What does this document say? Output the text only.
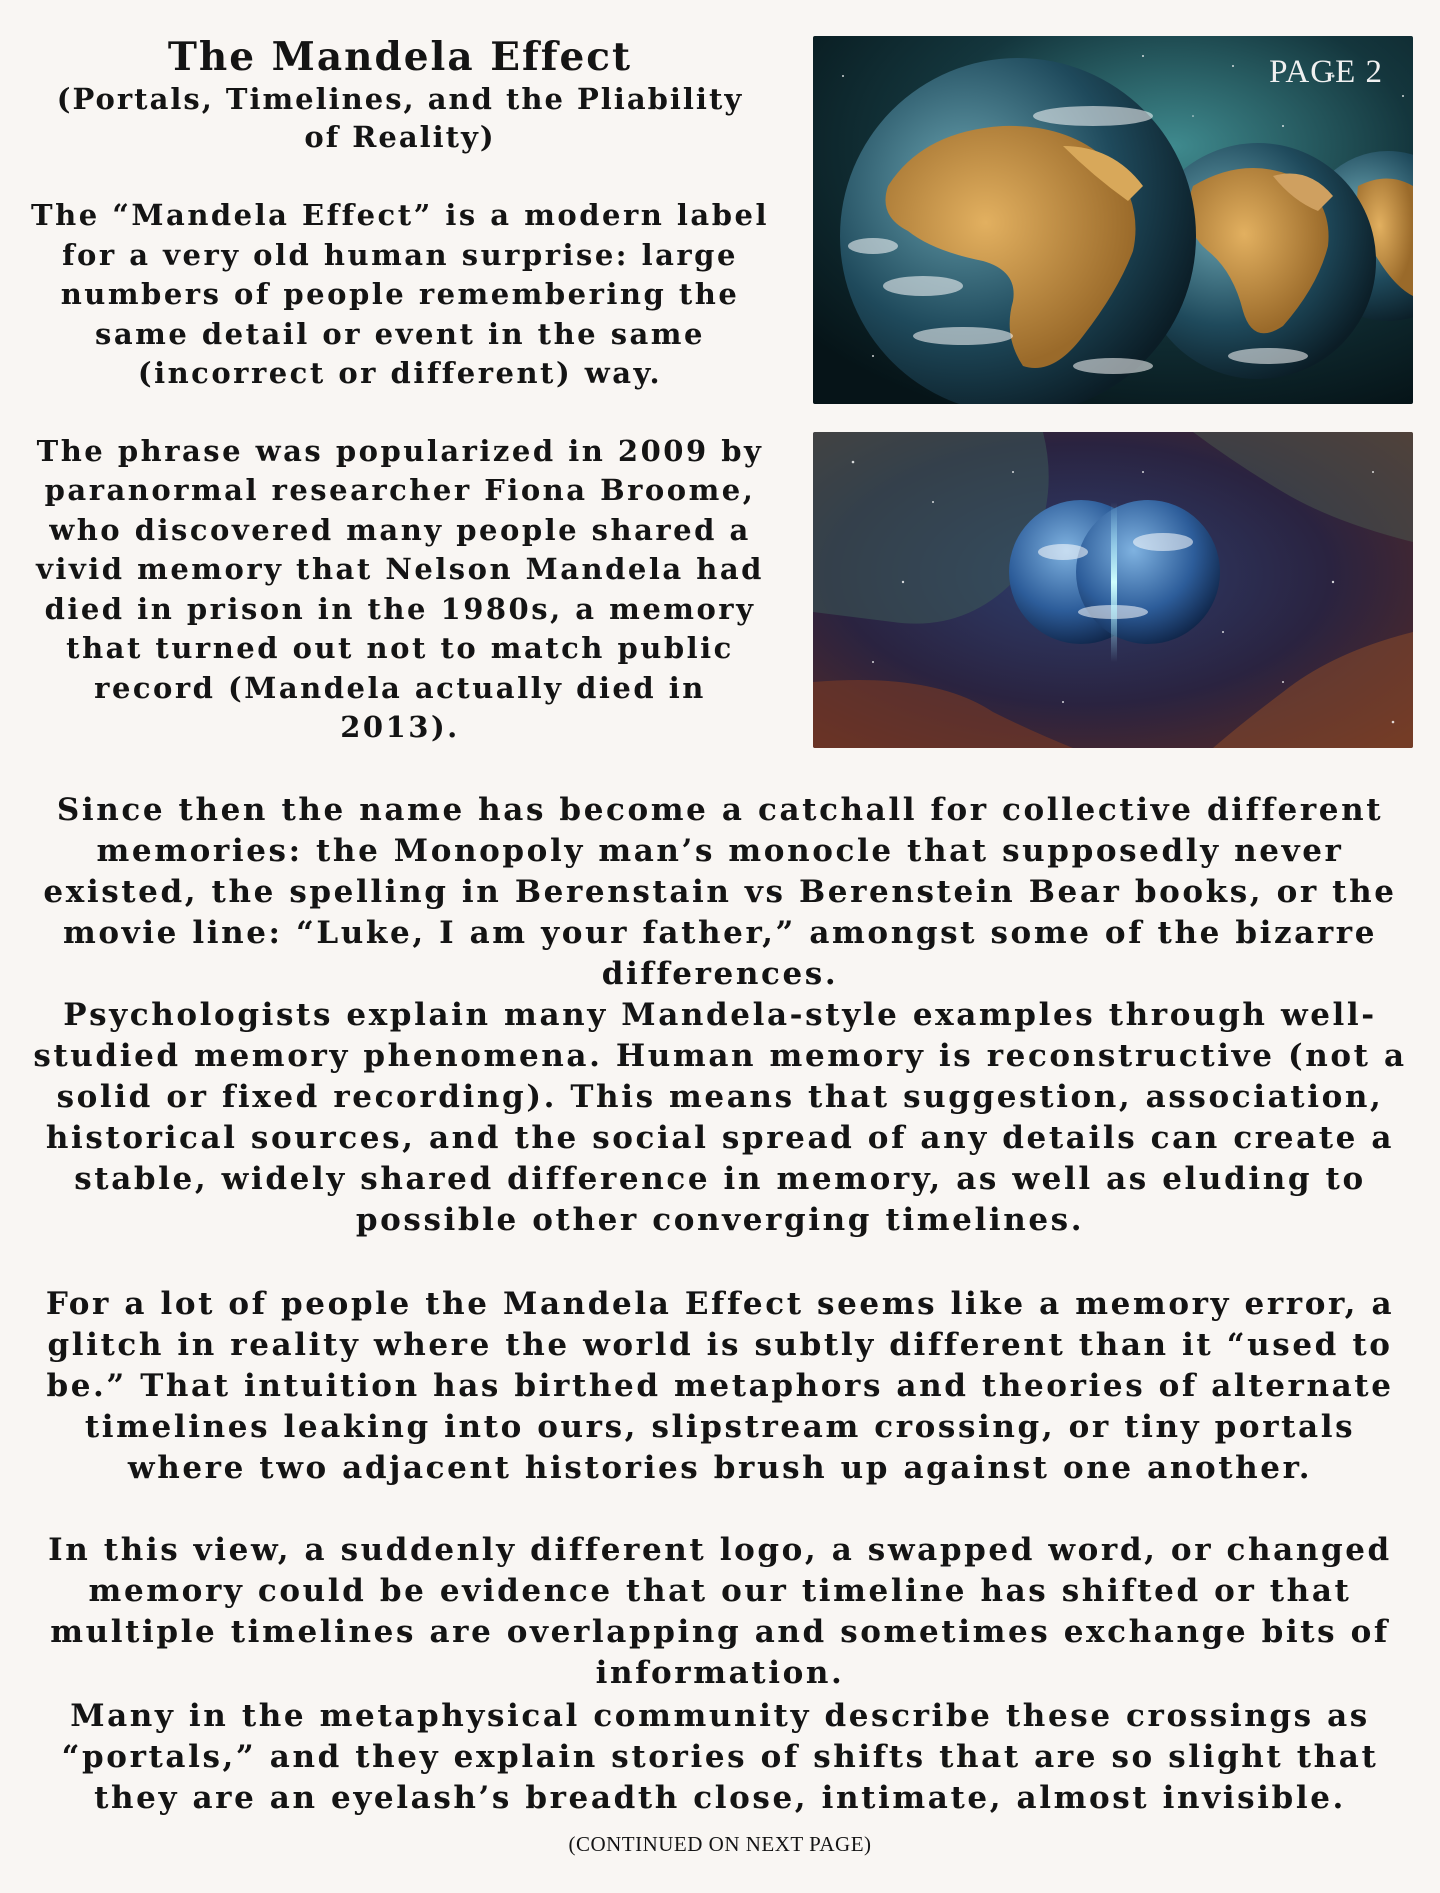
The Mandela Effect
(Portals, Timelines, and the Pliability
of Reality)

The “Mandela Effect” is a modern label for a very old human surprise: large numbers of people remembering the same detail or event in the same (incorrect or different) way.

The phrase was popularized in 2009 by paranormal researcher Fiona Broome, who discovered many people shared a vivid memory that Nelson Mandela had died in prison in the 1980s, a memory that turned out not to match public record (Mandela actually died in 2013).

PAGE 2

Since then the name has become a catchall for collective different memories: the Monopoly man’s monocle that supposedly never existed, the spelling in Berenstain vs Berenstein Bear books, or the movie line: “Luke, I am your father,” amongst some of the bizarre differences.

Psychologists explain many Mandela-style examples through well-studied memory phenomena. Human memory is reconstructive (not a solid or fixed recording). This means that suggestion, association, historical sources, and the social spread of any details can create a stable, widely shared difference in memory, as well as eluding to possible other converging timelines.

For a lot of people the Mandela Effect seems like a memory error, a glitch in reality where the world is subtly different than it “used to be.” That intuition has birthed metaphors and theories of alternate timelines leaking into ours, slipstream crossing, or tiny portals where two adjacent histories brush up against one another.

In this view, a suddenly different logo, a swapped word, or changed memory could be evidence that our timeline has shifted or that multiple timelines are overlapping and sometimes exchange bits of information.

Many in the metaphysical community describe these crossings as “portals,” and they explain stories of shifts that are so slight that they are an eyelash’s breadth close, intimate, almost invisible.

(CONTINUED ON NEXT PAGE)
